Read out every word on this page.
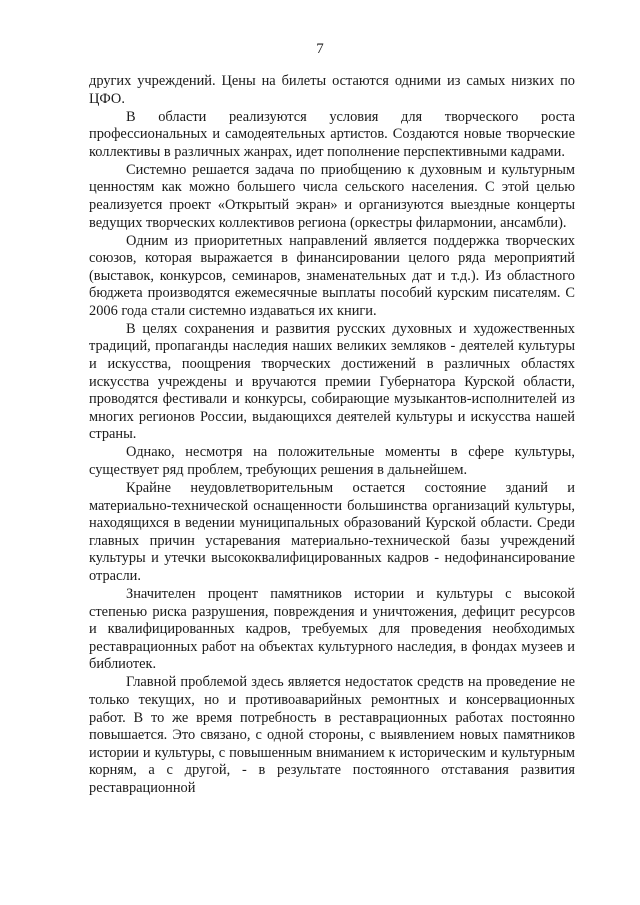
7

других учреждений. Цены на билеты остаются одними из самых низких по ЦФО.

В области реализуются условия для творческого роста профессиональных и самодеятельных артистов. Создаются новые творческие коллективы в различных жанрах, идет пополнение перспективными кадрами.

Системно решается задача по приобщению к духовным и культурным ценностям как можно большего числа сельского населения. С этой целью реализуется проект «Открытый экран» и организуются выездные концерты ведущих творческих коллективов региона (оркестры филармонии, ансамбли).

Одним из приоритетных направлений является поддержка творческих союзов, которая выражается в финансировании целого ряда мероприятий (выставок, конкурсов, семинаров, знаменательных дат и т.д.). Из областного бюджета производятся ежемесячные выплаты пособий курским писателям. С 2006 года стали системно издаваться их книги.

В целях сохранения и развития русских духовных и художественных традиций, пропаганды наследия наших великих земляков - деятелей культуры и искусства, поощрения творческих достижений в различных областях искусства учреждены и вручаются премии Губернатора Курской области, проводятся фестивали и конкурсы, собирающие музыкантов-исполнителей из многих регионов России, выдающихся деятелей культуры и искусства нашей страны.

Однако, несмотря на положительные моменты в сфере культуры, существует ряд проблем, требующих решения в дальнейшем.

Крайне неудовлетворительным остается состояние зданий и материально-технической оснащенности большинства организаций культуры, находящихся в ведении муниципальных образований Курской области. Среди главных причин устаревания материально-технической базы учреждений культуры и утечки высококвалифицированных кадров - недофинансирование отрасли.

Значителен процент памятников истории и культуры с высокой степенью риска разрушения, повреждения и уничтожения, дефицит ресурсов и квалифицированных кадров, требуемых для проведения необходимых реставрационных работ на объектах культурного наследия, в фондах музеев и библиотек.

Главной проблемой здесь является недостаток средств на проведение не только текущих, но и противоаварийных ремонтных и консервационных работ. В то же время потребность в реставрационных работах постоянно повышается. Это связано, с одной стороны, с выявлением новых памятников истории и культуры, с повышенным вниманием к историческим и культурным корням, а с другой, - в результате постоянного отставания развития реставрационной
